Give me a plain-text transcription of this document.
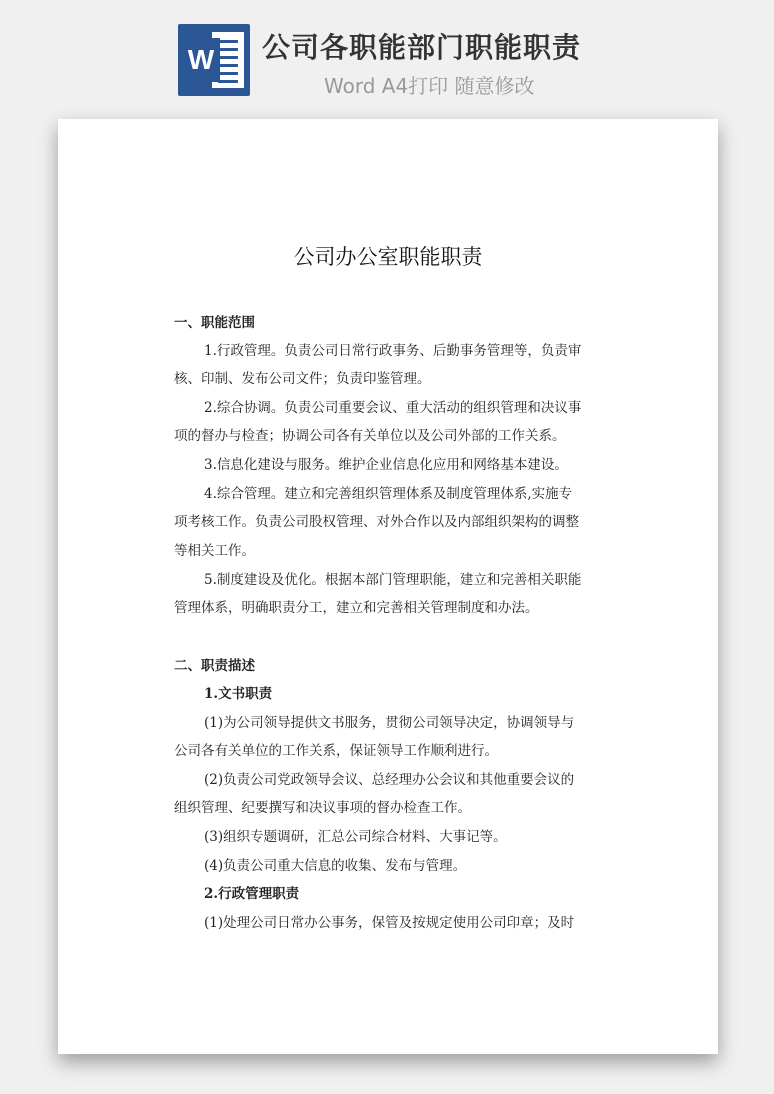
W 公司各职能部门职能职责
Word A4打印 随意修改
公司办公室职能职责
一、职能范围
1.行政管理。负责公司日常行政事务、后勤事务管理等，负责审
核、印制、发布公司文件；负责印鉴管理。
2.综合协调。负责公司重要会议、重大活动的组织管理和决议事
项的督办与检查；协调公司各有关单位以及公司外部的工作关系。
3.信息化建设与服务。维护企业信息化应用和网络基本建设。
4.综合管理。建立和完善组织管理体系及制度管理体系,实施专
项考核工作。负责公司股权管理、对外合作以及内部组织架构的调整
等相关工作。
5.制度建设及优化。根据本部门管理职能，建立和完善相关职能
管理体系，明确职责分工，建立和完善相关管理制度和办法。
二、职责描述
1.文书职责
(1)为公司领导提供文书服务，贯彻公司领导决定，协调领导与
公司各有关单位的工作关系，保证领导工作顺利进行。
(2)负责公司党政领导会议、总经理办公会议和其他重要会议的
组织管理、纪要撰写和决议事项的督办检查工作。
(3)组织专题调研，汇总公司综合材料、大事记等。
(4)负责公司重大信息的收集、发布与管理。
2.行政管理职责
(1)处理公司日常办公事务，保管及按规定使用公司印章；及时
